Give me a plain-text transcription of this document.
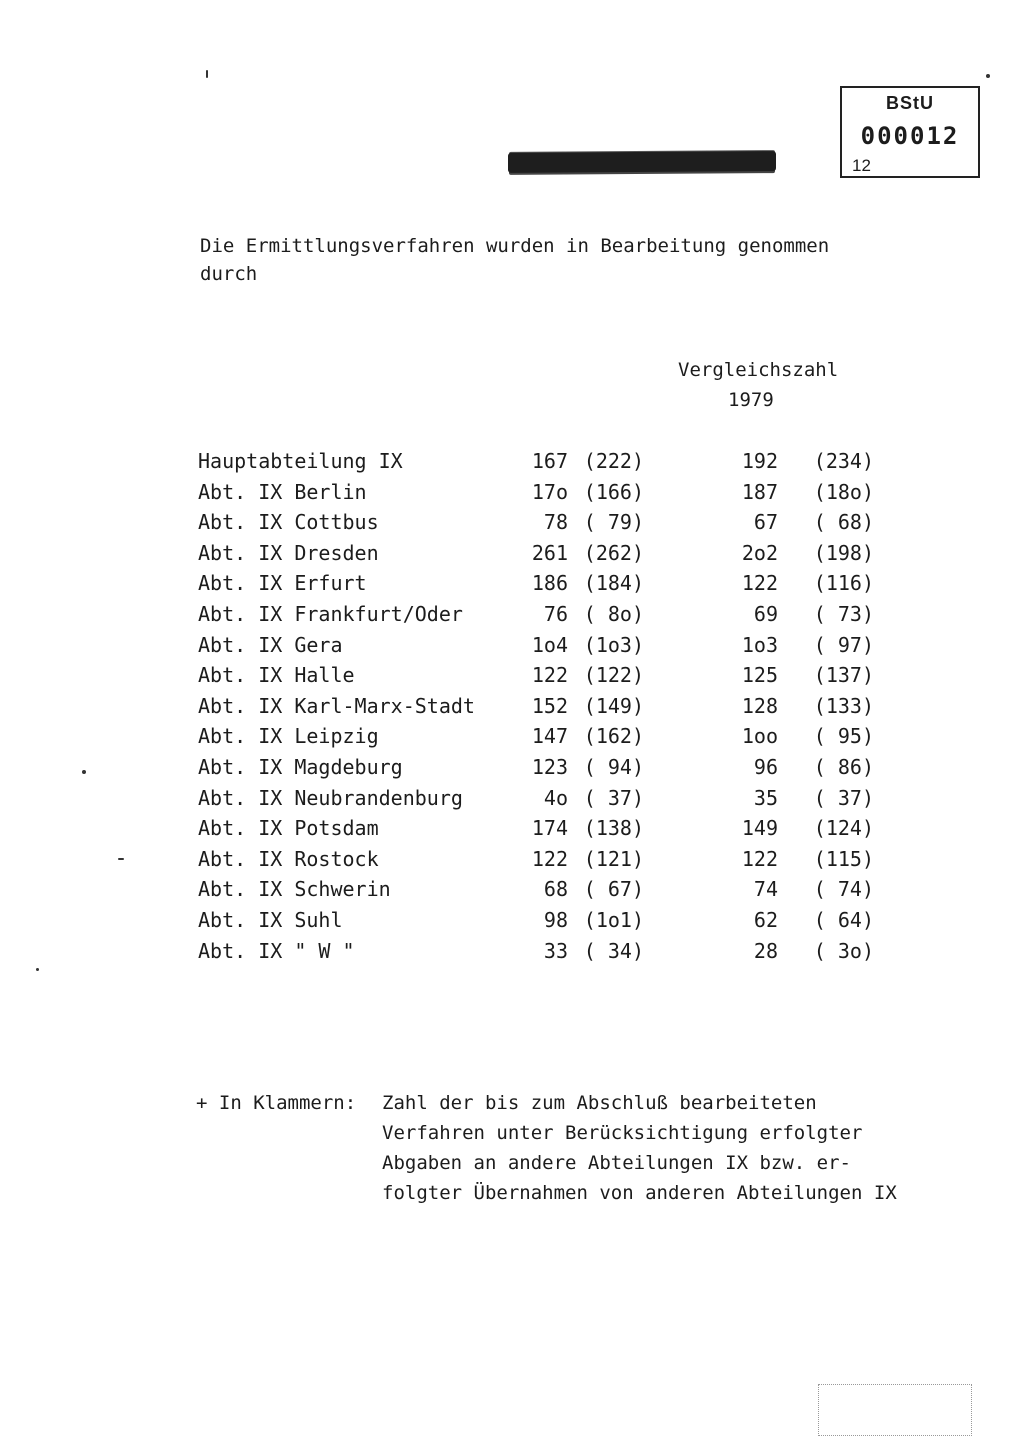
BStU
000012
12
Die Ermittlungsverfahren wurden in Bearbeitung genommen
durch
Vergleichszahl
1979
Hauptabteilung IX	167 (222)	192 (234)
Abt. IX Berlin	17o (166)	187 (18o)
Abt. IX Cottbus	78 ( 79)	67 ( 68)
Abt. IX Dresden	261 (262)	2o2 (198)
Abt. IX Erfurt	186 (184)	122 (116)
Abt. IX Frankfurt/Oder	76 ( 8o)	69 ( 73)
Abt. IX Gera	1o4 (1o3)	1o3 ( 97)
Abt. IX Halle	122 (122)	125 (137)
Abt. IX Karl-Marx-Stadt	152 (149)	128 (133)
Abt. IX Leipzig	147 (162)	1oo ( 95)
Abt. IX Magdeburg	123 ( 94)	96 ( 86)
Abt. IX Neubrandenburg	4o ( 37)	35 ( 37)
Abt. IX Potsdam	174 (138)	149 (124)
Abt. IX Rostock	122 (121)	122 (115)
Abt. IX Schwerin	68 ( 67)	74 ( 74)
Abt. IX Suhl	98 (1o1)	62 ( 64)
Abt. IX " W "	33 ( 34)	28 ( 3o)

+ In Klammern:

Zahl der bis zum Abschluß bearbeiteten

Verfahren unter Berücksichtigung erfolgter

Abgaben an andere Abteilungen IX bzw. er-

folgter Übernahmen von anderen Abteilungen IX
